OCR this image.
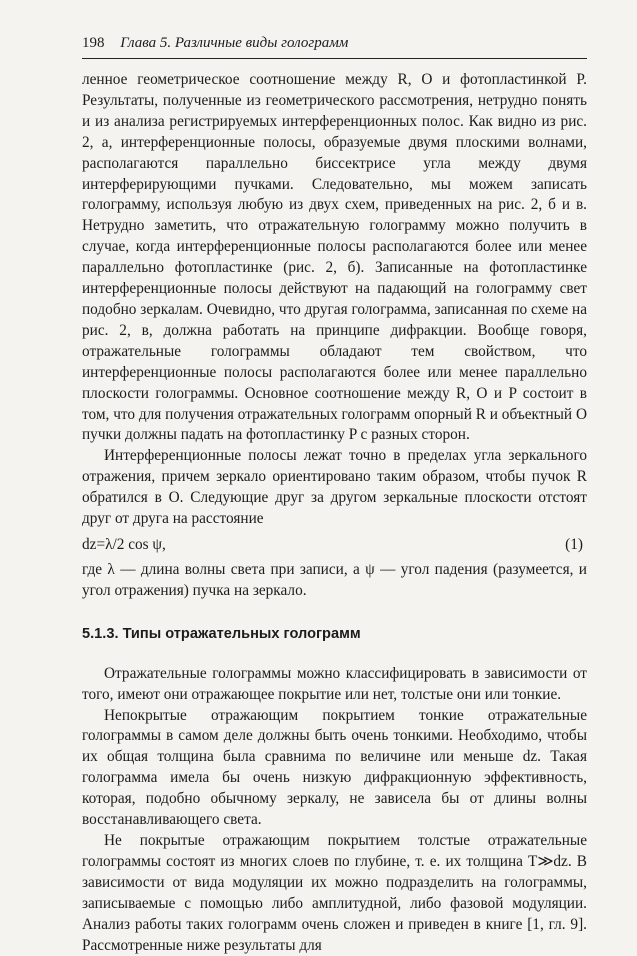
198 Глава 5. Различные виды голограмм

ленное геометрическое соотношение между R, O и фотопластинкой P. Результаты, полученные из геометрического рассмотрения, нетрудно понять и из анализа регистрируемых интерференционных полос. Как видно из рис. 2, а, интерференционные полосы, образуемые двумя плоскими волнами, располагаются параллельно биссектрисе угла между двумя интерферирующими пучками. Следовательно, мы можем записать голограмму, используя любую из двух схем, приведенных на рис. 2, б и в. Нетрудно заметить, что отражательную голограмму можно получить в случае, когда интерференционные полосы располагаются более или менее параллельно фотопластинке (рис. 2, б). Записанные на фотопластинке интерференционные полосы действуют на падающий на голограмму свет подобно зеркалам. Очевидно, что другая голограмма, записанная по схеме на рис. 2, в, должна работать на принципе дифракции. Вообще говоря, отражательные голограммы обладают тем свойством, что интерференционные полосы располагаются более или менее параллельно плоскости голограммы. Основное соотношение между R, O и P состоит в том, что для получения отражательных голограмм опорный R и объектный O пучки должны падать на фотопластинку P с разных сторон.

Интерференционные полосы лежат точно в пределах угла зеркального отражения, причем зеркало ориентировано таким образом, чтобы пучок R обратился в O. Следующие друг за другом зеркальные плоскости отстоят друг от друга на расстояние

dz=λ/2 cos ψ,	(1)

где λ — длина волны света при записи, а ψ — угол падения (разумеется, и угол отражения) пучка на зеркало.

5.1.3. Типы отражательных голограмм

Отражательные голограммы можно классифицировать в зависимости от того, имеют они отражающее покрытие или нет, толстые они или тонкие.

Непокрытые отражающим покрытием тонкие отражательные голограммы в самом деле должны быть очень тонкими. Необходимо, чтобы их общая толщина была сравнима по величине или меньше dz. Такая голограмма имела бы очень низкую дифракционную эффективность, которая, подобно обычному зеркалу, не зависела бы от длины волны восстанавливающего света.

Не покрытые отражающим покрытием толстые отражательные голограммы состоят из многих слоев по глубине, т. е. их толщина T≫dz. В зависимости от вида модуляции их можно подразделить на голограммы, записываемые с помощью либо амплитудной, либо фазовой модуляции. Анализ работы таких голограмм очень сложен и приведен в книге [1, гл. 9]. Рассмотренные ниже результаты для
